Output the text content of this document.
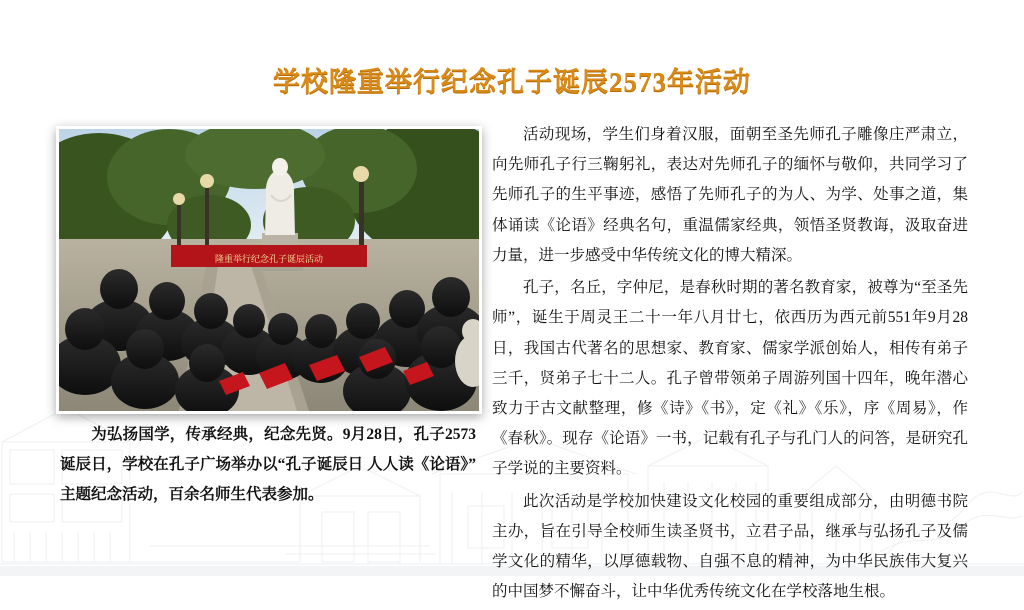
学校隆重举行纪念孔子诞辰2573年活动
隆重举行纪念孔子诞辰活动
为弘扬国学，传承经典，纪念先贤。9月28日，孔子2573诞辰日，学校在孔子广场举办以“孔子诞辰日 人人读《论语》”主题纪念活动，百余名师生代表参加。

活动现场，学生们身着汉服，面朝至圣先师孔子雕像庄严肃立，向先师孔子行三鞠躬礼，表达对先师孔子的缅怀与敬仰，共同学习了先师孔子的生平事迹，感悟了先师孔子的为人、为学、处事之道，集体诵读《论语》经典名句，重温儒家经典，领悟圣贤教诲，汲取奋进力量，进一步感受中华传统文化的博大精深。

孔子，名丘，字仲尼，是春秋时期的著名教育家，被尊为“至圣先师”，诞生于周灵王二十一年八月廿七，依西历为西元前551年9月28日，我国古代著名的思想家、教育家、儒家学派创始人，相传有弟子三千，贤弟子七十二人。孔子曾带领弟子周游列国十四年，晚年潜心致力于古文献整理，修《诗》《书》，定《礼》《乐》，序《周易》，作《春秋》。现存《论语》一书，记载有孔子与孔门人的问答，是研究孔子学说的主要资料。

此次活动是学校加快建设文化校园的重要组成部分，由明德书院主办，旨在引导全校师生读圣贤书，立君子品，继承与弘扬孔子及儒学文化的精华，以厚德载物、自强不息的精神，为中华民族伟大复兴的中国梦不懈奋斗，让中华优秀传统文化在学校落地生根。
